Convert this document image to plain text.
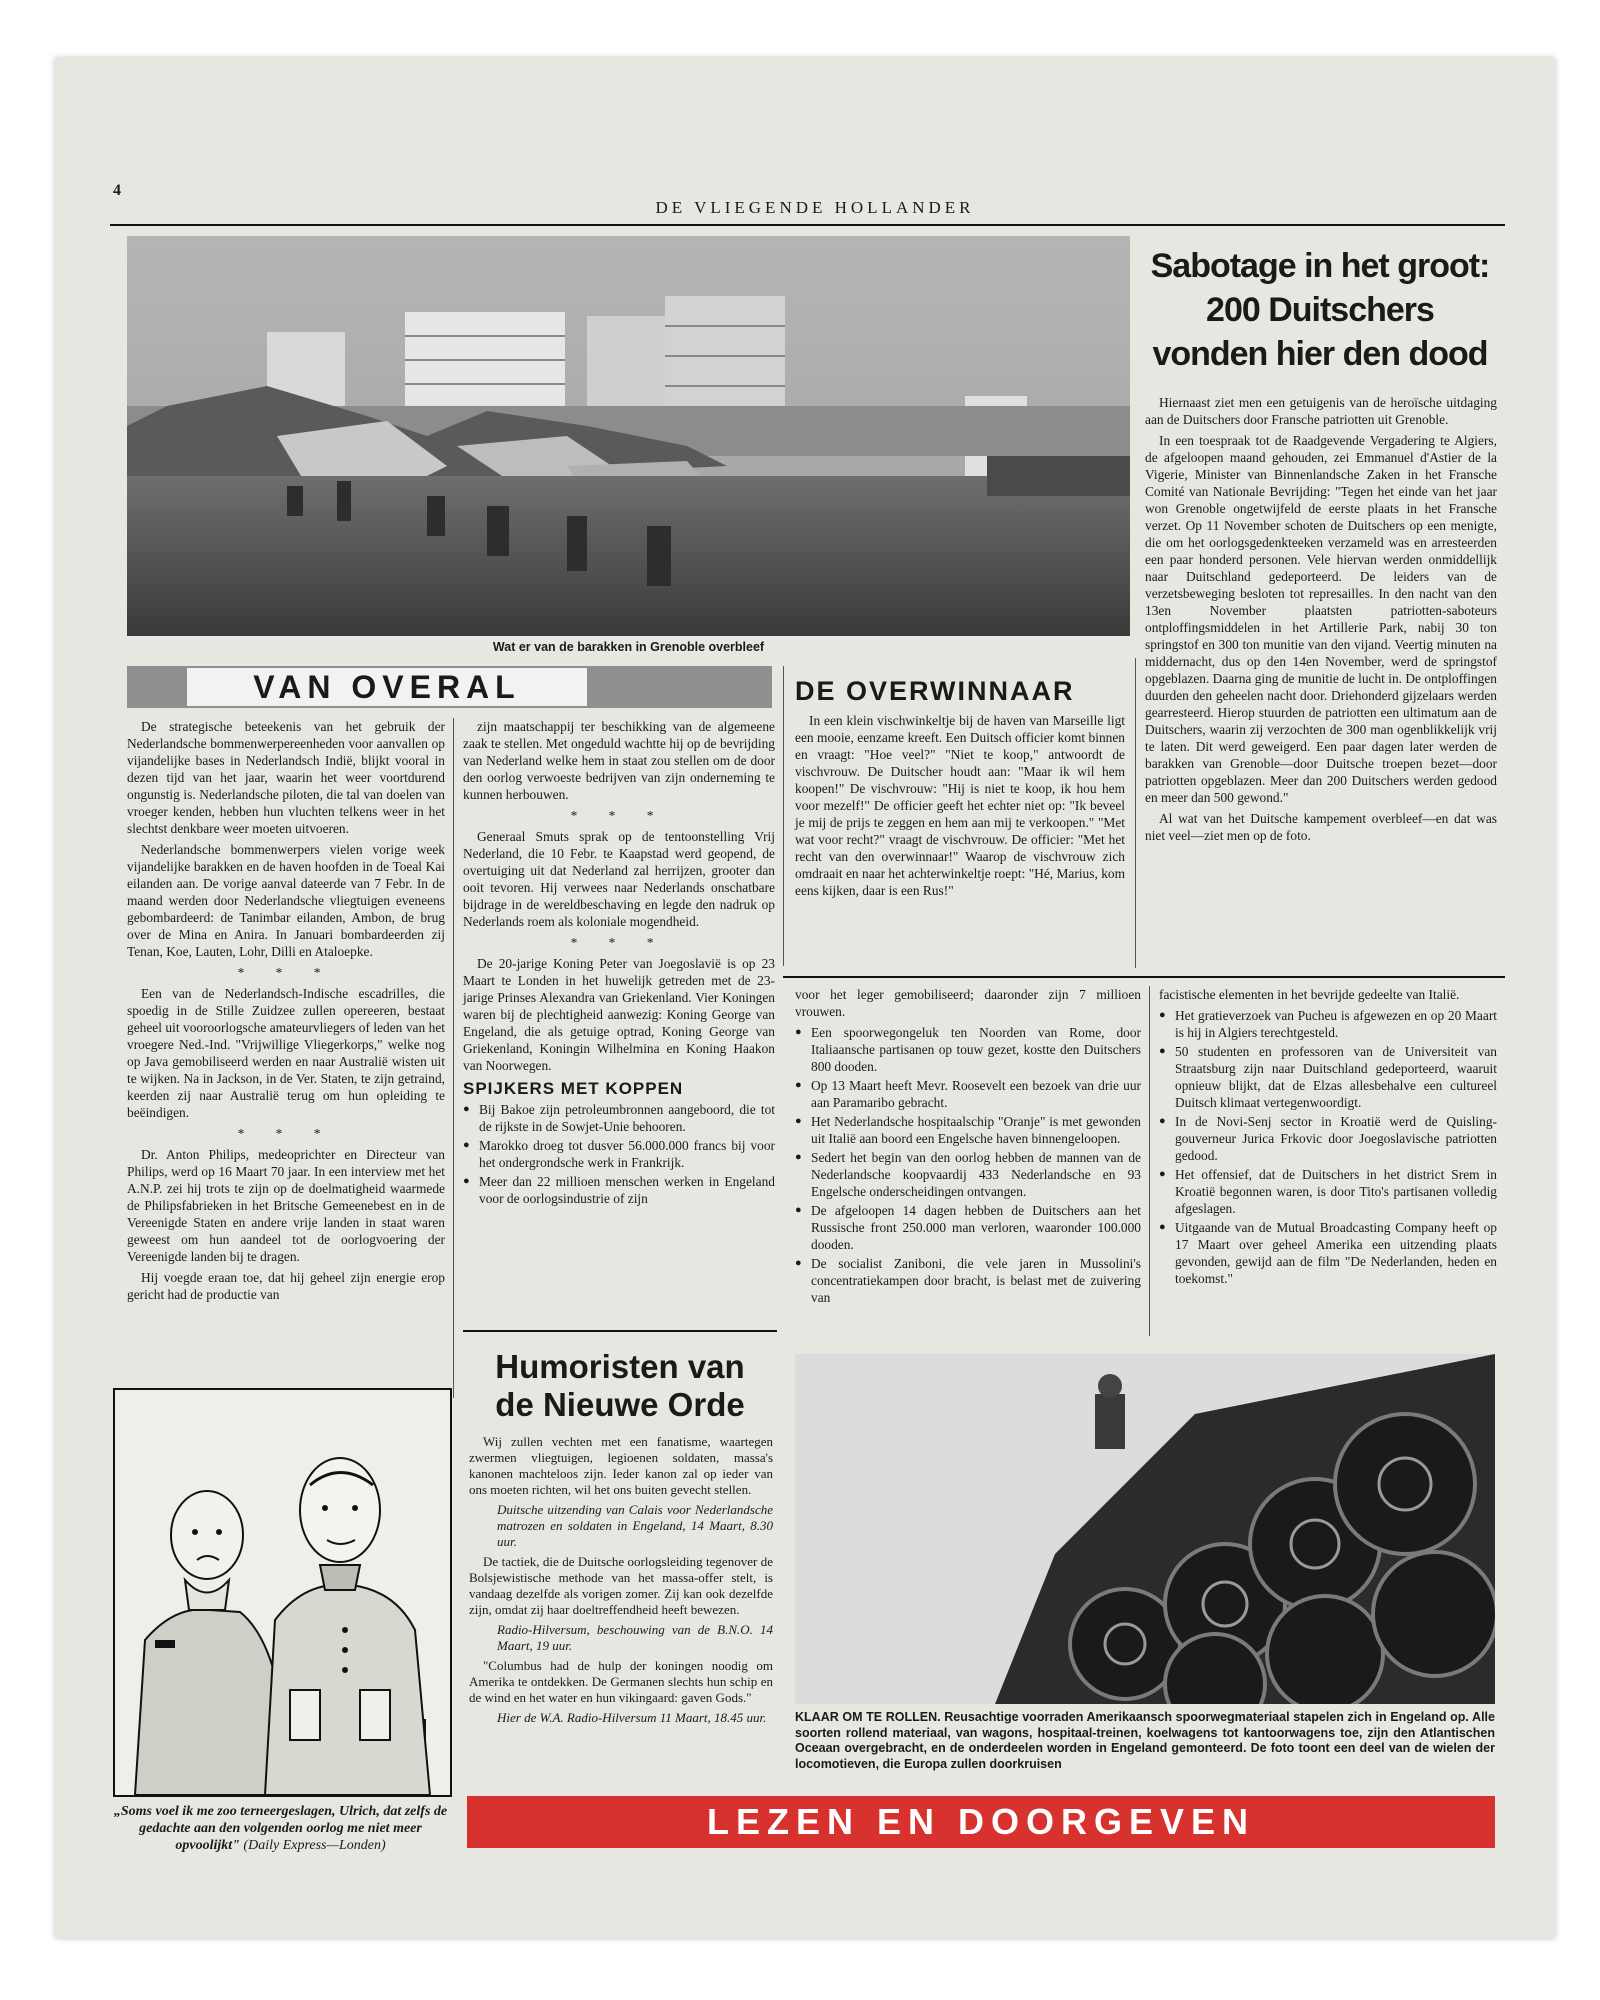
4
DE VLIEGENDE HOLLANDER
Wat er van de barakken in Grenoble overbleef
Sabotage in het groot: 200 Duitschers vonden hier den dood

Hiernaast ziet men een getuigenis van de heroïsche uitdaging aan de Duitschers door Fransche patriotten uit Grenoble.

In een toespraak tot de Raadgevende Vergadering te Algiers, de afgeloopen maand gehouden, zei Emmanuel d'Astier de la Vigerie, Minister van Binnenlandsche Zaken in het Fransche Comité van Nationale Bevrijding: "Tegen het einde van het jaar won Grenoble ongetwijfeld de eerste plaats in het Fransche verzet. Op 11 November schoten de Duitschers op een menigte, die om het oorlogsgedenkteeken verzameld was en arresteerden een paar honderd personen. Vele hiervan werden onmiddellijk naar Duitschland gedeporteerd. De leiders van de verzetsbeweging besloten tot represailles. In den nacht van den 13en November plaatsten patriotten-saboteurs ontploffingsmiddelen in het Artillerie Park, nabij 30 ton springstof en 300 ton munitie van den vijand. Veertig minuten na middernacht, dus op den 14en November, werd de springstof opgeblazen. Daarna ging de munitie de lucht in. De ontploffingen duurden den geheelen nacht door. Driehonderd gijzelaars werden gearresteerd. Hierop stuurden de patriotten een ultimatum aan de Duitschers, waarin zij verzochten de 300 man ogenblikkelijk vrij te laten. Dit werd geweigerd. Een paar dagen later werden de barakken van Grenoble—door Duitsche troepen bezet—door patriotten opgeblazen. Meer dan 200 Duitschers werden gedood en meer dan 500 gewond."

Al wat van het Duitsche kampement overbleef—en dat was niet veel—ziet men op de foto.

VAN OVERAL

De strategische beteekenis van het gebruik der Nederlandsche bommenwerpereenheden voor aanvallen op vijandelijke bases in Nederlandsch Indië, blijkt vooral in dezen tijd van het jaar, waarin het weer voortdurend ongunstig is. Nederlandsche piloten, die tal van doelen van vroeger kenden, hebben hun vluchten telkens weer in het slechtst denkbare weer moeten uitvoeren.

Nederlandsche bommenwerpers vielen vorige week vijandelijke barakken en de haven hoofden in de Toeal Kai eilanden aan. De vorige aanval dateerde van 7 Febr. In de maand werden door Nederlandsche vliegtuigen eveneens gebombardeerd: de Tanimbar eilanden, Ambon, de brug over de Mina en Anira. In Januari bombardeerden zij Tenan, Koe, Lauten, Lohr, Dilli en Ataloepke.

* * *

Een van de Nederlandsch-Indische escadrilles, die spoedig in de Stille Zuidzee zullen opereeren, bestaat geheel uit vooroorlogsche amateurvliegers of leden van het vroegere Ned.-Ind. "Vrijwillige Vliegerkorps," welke nog op Java gemobiliseerd werden en naar Australië wisten uit te wijken. Na in Jackson, in de Ver. Staten, te zijn getraind, keerden zij naar Australië terug om hun opleiding te beëindigen.

* * *

Dr. Anton Philips, medeoprichter en Directeur van Philips, werd op 16 Maart 70 jaar. In een interview met het A.N.P. zei hij trots te zijn op de doelmatigheid waarmede de Philipsfabrieken in het Britsche Gemeenebest en in de Vereenigde Staten en andere vrije landen in staat waren geweest om hun aandeel tot de oorlogvoering der Vereenigde landen bij te dragen.

Hij voegde eraan toe, dat hij geheel zijn energie erop gericht had de productie van

zijn maatschappij ter beschikking van de algemeene zaak te stellen. Met ongeduld wachtte hij op de bevrijding van Nederland welke hem in staat zou stellen om de door den oorlog verwoeste bedrijven van zijn onderneming te kunnen herbouwen.

* * *

Generaal Smuts sprak op de tentoonstelling Vrij Nederland, die 10 Febr. te Kaapstad werd geopend, de overtuiging uit dat Nederland zal herrijzen, grooter dan ooit tevoren. Hij verwees naar Nederlands onschatbare bijdrage in de wereldbeschaving en legde den nadruk op Nederlands roem als koloniale mogendheid.

* * *

De 20-jarige Koning Peter van Joegoslavië is op 23 Maart te Londen in het huwelijk getreden met de 23-jarige Prinses Alexandra van Griekenland. Vier Koningen waren bij de plechtigheid aanwezig: Koning George van Engeland, die als getuige optrad, Koning George van Griekenland, Koningin Wilhelmina en Koning Haakon van Noorwegen.

SPIJKERS MET KOPPEN
● Bij Bakoe zijn petroleumbronnen aangeboord, die tot de rijkste in de Sowjet-Unie behooren.
● Marokko droeg tot dusver 56.000.000 francs bij voor het ondergrondsche werk in Frankrijk.
● Meer dan 22 millioen menschen werken in Engeland voor de oorlogsindustrie of zijn
DE OVERWINNAAR

In een klein vischwinkeltje bij de haven van Marseille ligt een mooie, eenzame kreeft. Een Duitsch officier komt binnen en vraagt: "Hoe veel?" "Niet te koop," antwoordt de vischvrouw. De Duitscher houdt aan: "Maar ik wil hem koopen!" De vischvrouw: "Hij is niet te koop, ik hou hem voor mezelf!" De officier geeft het echter niet op: "Ik beveel je mij de prijs te zeggen en hem aan mij te verkoopen." "Met wat voor recht?" vraagt de vischvrouw. De officier: "Met het recht van den overwinnaar!" Waarop de vischvrouw zich omdraait en naar het achterwinkeltje roept: "Hé, Marius, kom eens kijken, daar is een Rus!"

voor het leger gemobiliseerd; daaronder zijn 7 millioen vrouwen.

● Een spoorwegongeluk ten Noorden van Rome, door Italiaansche partisanen op touw gezet, kostte den Duitschers 800 dooden.
● Op 13 Maart heeft Mevr. Roosevelt een bezoek van drie uur aan Paramaribo gebracht.
● Het Nederlandsche hospitaalschip "Oranje" is met gewonden uit Italië aan boord een Engelsche haven binnengeloopen.
● Sedert het begin van den oorlog hebben de mannen van de Nederlandsche koopvaardij 433 Nederlandsche en 93 Engelsche onderscheidingen ontvangen.
● De afgeloopen 14 dagen hebben de Duitschers aan het Russische front 250.000 man verloren, waaronder 100.000 dooden.
● De socialist Zaniboni, die vele jaren in Mussolini's concentratiekampen door bracht, is belast met de zuivering van

facistische elementen in het bevrijde gedeelte van Italië.

● Het gratieverzoek van Pucheu is afgewezen en op 20 Maart is hij in Algiers terechtgesteld.
● 50 studenten en professoren van de Universiteit van Straatsburg zijn naar Duitschland gedeporteerd, waaruit opnieuw blijkt, dat de Elzas allesbehalve een cultureel Duitsch klimaat vertegenwoordigt.
● In de Novi-Senj sector in Kroatië werd de Quisling-gouverneur Jurica Frkovic door Joegoslavische patriotten gedood.
● Het offensief, dat de Duitschers in het district Srem in Kroatië begonnen waren, is door Tito's partisanen volledig afgeslagen.
● Uitgaande van de Mutual Broadcasting Company heeft op 17 Maart over geheel Amerika een uitzending plaats gevonden, gewijd aan de film "De Nederlanden, heden en toekomst."
Humoristen van
de Nieuwe Orde

Wij zullen vechten met een fanatisme, waartegen zwermen vliegtuigen, legioenen soldaten, massa's kanonen machteloos zijn. Ieder kanon zal op ieder van ons moeten richten, wil het ons buiten gevecht stellen.

Duitsche uitzending van Calais voor Nederlandsche matrozen en soldaten in Engeland, 14 Maart, 8.30 uur.

De tactiek, die de Duitsche oorlogsleiding tegenover de Bolsjewistische methode van het massa-offer stelt, is vandaag dezelfde als vorigen zomer. Zij kan ook dezelfde zijn, omdat zij haar doeltreffendheid heeft bewezen.

Radio-Hilversum, beschouwing van de B.N.O. 14 Maart, 19 uur.

"Columbus had de hulp der koningen noodig om Amerika te ontdekken. De Germanen slechts hun schip en de wind en het water en hun vikingaard: gaven Gods."

Hier de W.A. Radio-Hilversum 11 Maart, 18.45 uur.

„Soms voel ik me zoo terneergeslagen, Ulrich, dat zelfs de gedachte aan den volgenden oorlog me niet meer opvoolijkt" (Daily Express—Londen)
KLAAR OM TE ROLLEN. Reusachtige voorraden Amerikaansch spoorwegmateriaal stapelen zich in Engeland op. Alle soorten rollend materiaal, van wagons, hospitaal-treinen, koelwagens tot kantoorwagens toe, zijn den Atlantischen Oceaan overgebracht, en de onderdeelen worden in Engeland gemonteerd. De foto toont een deel van de wielen der locomotieven, die Europa zullen doorkruisen
LEZEN EN DOORGEVEN
